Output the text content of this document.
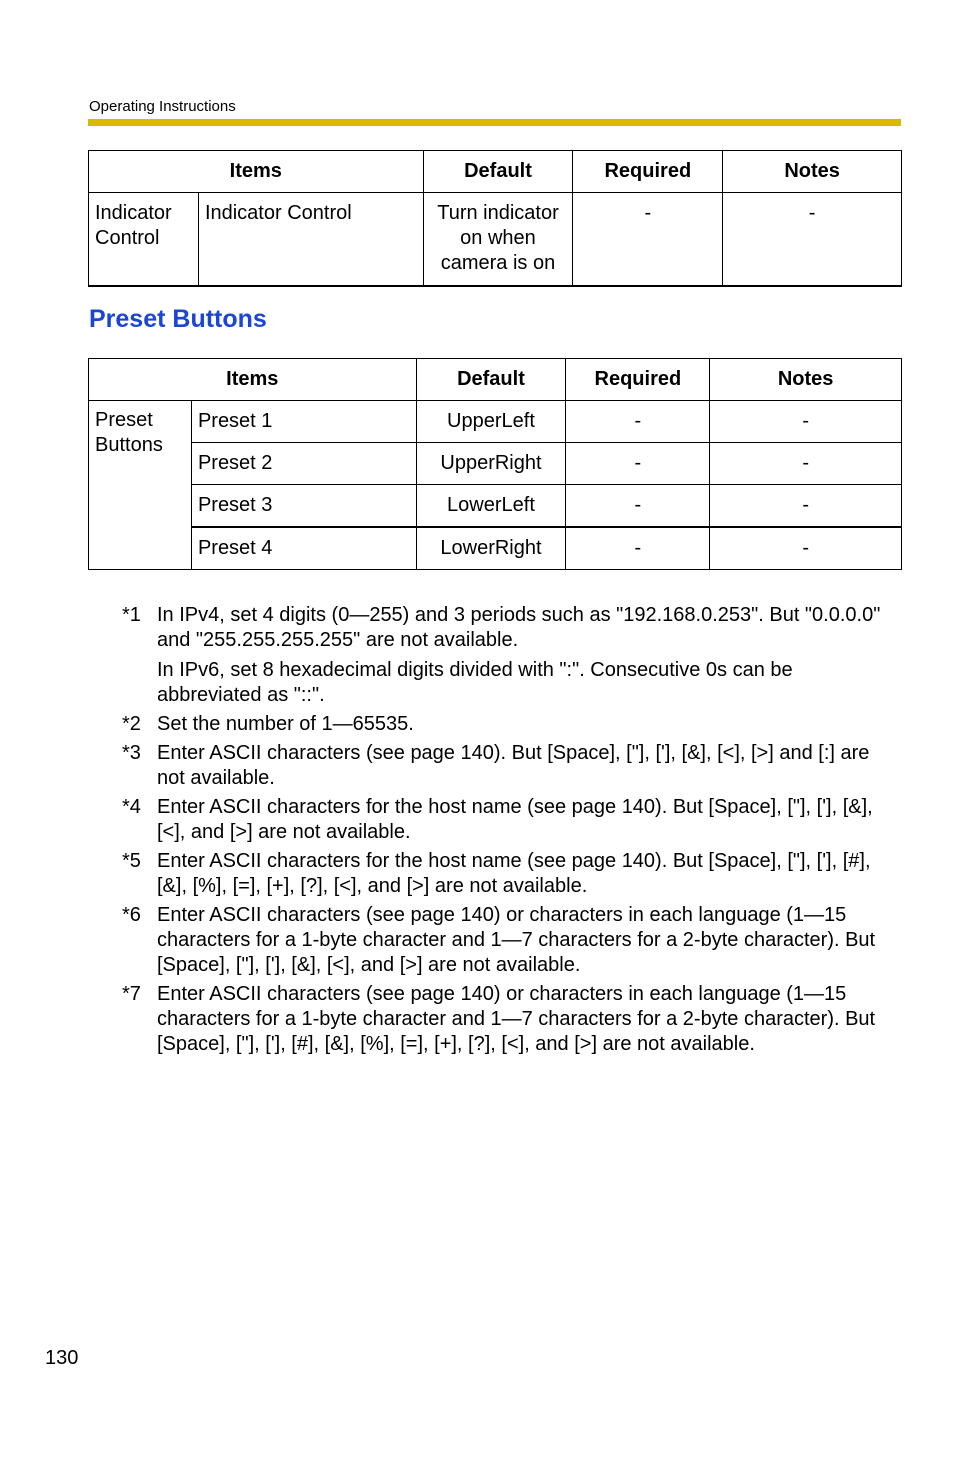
Operating Instructions
Items		Default	Required	Notes
Indicator Control	Indicator Control	Turn indicator on when camera is on	-	-
Preset Buttons
Items		Default	Required	Notes
Preset Buttons	Preset 1	UpperLeft	-	-
	Preset 2	UpperRight	-	-
	Preset 3	LowerLeft	-	-
	Preset 4	LowerRight	-	-
*1 In IPv4, set 4 digits (0—255) and 3 periods such as "192.168.0.253". But "0.0.0.0" and "255.255.255.255" are not available.
In IPv6, set 8 hexadecimal digits divided with ":". Consecutive 0s can be abbreviated as "::".
*2 Set the number of 1—65535.
*3 Enter ASCII characters (see page 140). But [Space], ["], ['], [&], [<], [>] and [:] are not available.
*4 Enter ASCII characters for the host name (see page 140). But [Space], ["], ['], [&], [<], and [>] are not available.
*5 Enter ASCII characters for the host name (see page 140). But [Space], ["], ['], [#], [&], [%], [=], [+], [?], [<], and [>] are not available.
*6 Enter ASCII characters (see page 140) or characters in each language (1—15 characters for a 1-byte character and 1—7 characters for a 2-byte character). But [Space], ["], ['], [&], [<], and [>] are not available.
*7 Enter ASCII characters (see page 140) or characters in each language (1—15 characters for a 1-byte character and 1—7 characters for a 2-byte character). But [Space], ["], ['], [#], [&], [%], [=], [+], [?], [<], and [>] are not available.
130
